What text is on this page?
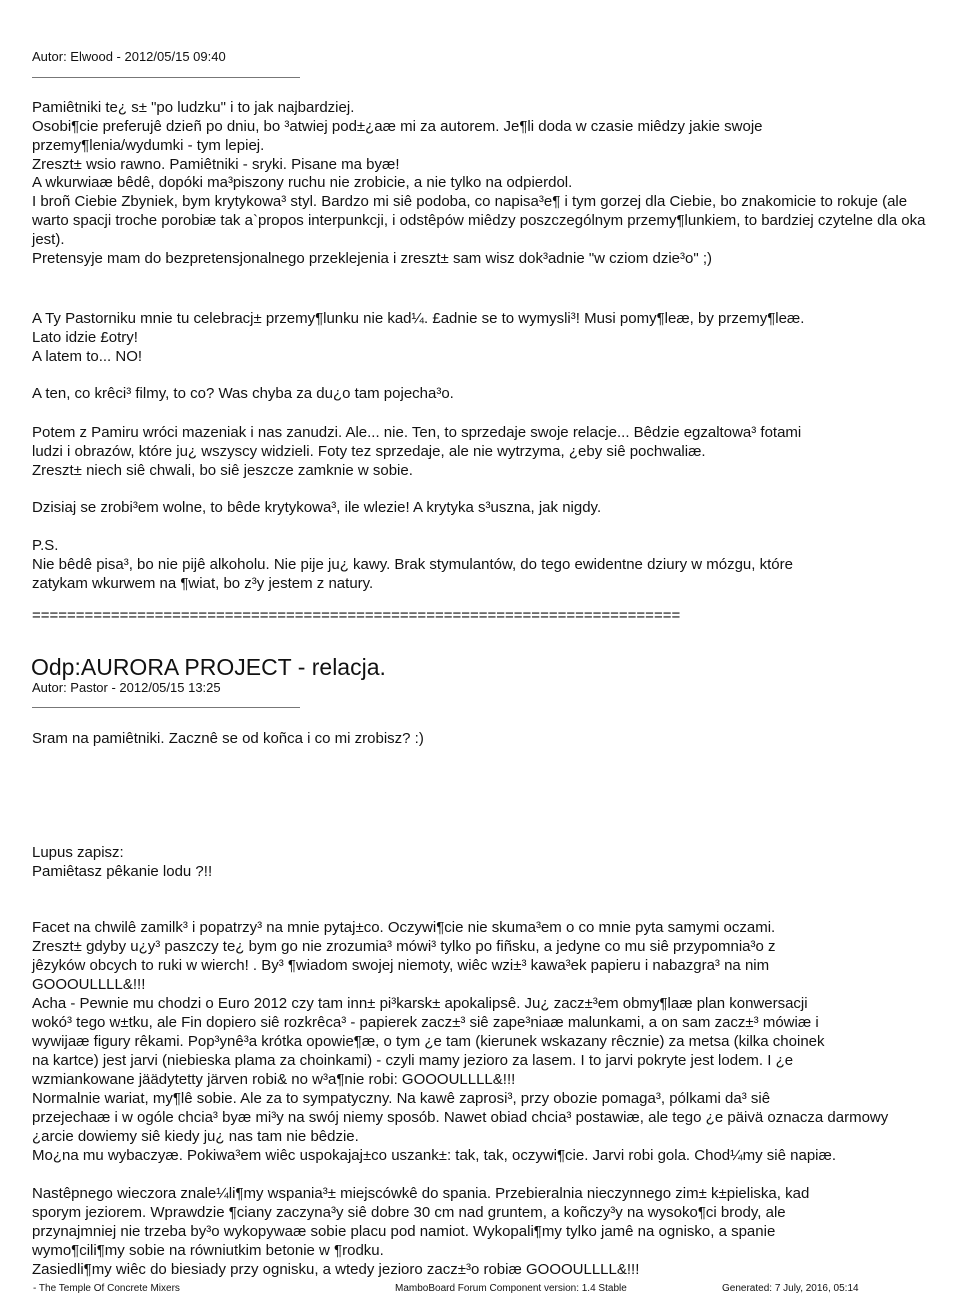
Autor: Elwood - 2012/05/15 09:40
Pamiêtniki te¿ s± "po ludzku" i to jak najbardziej.
Osobi¶cie preferujê dzieñ po dniu, bo ³atwiej pod±¿aæ mi za autorem. Je¶li doda w czasie miêdzy jakie swoje
przemy¶lenia/wydumki - tym lepiej.
Zreszt± wsio rawno. Pamiêtniki - sryki. Pisane ma byæ!
A wkurwiaæ bêdê, dopóki ma³piszony ruchu nie zrobicie, a nie tylko na odpierdol.
I broñ Ciebie Zbyniek, bym krytykowa³ styl. Bardzo mi siê podoba, co napisa³e¶ i tym gorzej dla Ciebie, bo znakomicie to rokuje (ale warto spacji troche porobiæ tak a`propos interpunkcji, i odstêpów miêdzy poszczególnym przemy¶lunkiem, to bardziej czytelne dla oka jest).
Pretensyje mam do bezpretensjonalnego przeklejenia i zreszt± sam wisz dok³adnie "w cziom dzie³o" ;)
A Ty Pastorniku mnie tu celebracj± przemy¶lunku nie kad¼. £adnie se to wymysli³! Musi pomy¶leæ, by przemy¶leæ.
Lato idzie £otry!
A latem to... NO!
A ten, co krêci³ filmy, to co? Was chyba za du¿o tam pojecha³o.
Potem z Pamiru wróci mazeniak i nas zanudzi. Ale... nie. Ten, to sprzedaje swoje relacje... Bêdzie egzaltowa³ fotami
ludzi i obrazów, które ju¿ wszyscy widzieli. Foty tez sprzedaje, ale nie wytrzyma, ¿eby siê pochwaliæ.
Zreszt± niech siê chwali, bo siê jeszcze zamknie w sobie.
Dzisiaj se zrobi³em wolne, to bêde krytykowa³, ile wlezie! A krytyka s³uszna, jak nigdy.
P.S.
Nie bêdê pisa³, bo nie pijê alkoholu. Nie pije ju¿ kawy. Brak stymulantów, do tego ewidentne dziury w mózgu, które
zatykam wkurwem na ¶wiat, bo z³y jestem z natury.
==========================================================================
Odp:AURORA PROJECT - relacja.
Autor: Pastor - 2012/05/15 13:25
Sram na pamiêtniki. Zacznê se od koñca i co mi zrobisz? :)
Lupus zapisz:
Pamiêtasz pêkanie lodu ?!!
Facet na chwilê zamilk³ i popatrzy³ na mnie pytaj±co. Oczywi¶cie nie skuma³em o co mnie pyta samymi oczami.
Zreszt± gdyby u¿y³ paszczy te¿ bym go nie zrozumia³ mówi³ tylko po fiñsku, a jedyne co mu siê przypomnia³o z
jêzyków obcych to ruki w wierch! . By³ ¶wiadom swojej niemoty, wiêc wzi±³ kawa³ek papieru i nabazgra³ na nim
GOOOULLLL&!!!
Acha - Pewnie mu chodzi o Euro 2012 czy tam inn± pi³karsk± apokalipsê. Ju¿ zacz±³em obmy¶laæ plan konwersacji
wokó³ tego w±tku, ale Fin dopiero siê rozkrêca³ - papierek zacz±³ siê zape³niaæ malunkami, a on sam zacz±³ mówiæ i
wywijaæ figury rêkami. Pop³ynê³a krótka opowie¶æ, o tym ¿e tam (kierunek wskazany rêcznie) za metsa (kilka choinek
na kartce) jest jarvi (niebieska plama za choinkami) - czyli mamy jezioro za lasem. I to jarvi pokryte jest lodem. I ¿e
wzmiankowane jäädytetty järven robi& no w³a¶nie robi: GOOOULLLL&!!!
Normalnie wariat, my¶lê sobie. Ale za to sympatyczny. Na kawê zaprosi³, przy obozie pomaga³, pólkami da³ siê
przejechaæ i w ogóle chcia³ byæ mi³y na swój niemy sposób. Nawet obiad chcia³ postawiæ, ale tego ¿e päivä oznacza darmowy
¿arcie dowiemy siê kiedy ju¿ nas tam nie bêdzie.
Mo¿na mu wybaczyæ. Pokiwa³em wiêc uspokajaj±co uszank±: tak, tak, oczywi¶cie. Jarvi robi gola. Chod¼my siê napiæ.
Nastêpnego wieczora znale¼li¶my wspania³± miejscówkê do spania. Przebieralnia nieczynnego zim± k±pieliska, kad
sporym jeziorem. Wprawdzie ¶ciany zaczyna³y siê dobre 30 cm nad gruntem, a koñczy³y na wysoko¶ci brody, ale
przynajmniej nie trzeba by³o wykopywaæ sobie placu pod namiot. Wykopali¶my tylko jamê na ognisko, a spanie
wymo¶cili¶my sobie na równiutkim betonie w ¶rodku.
Zasiedli¶my wiêc do biesiady przy ognisku, a wtedy jezioro zacz±³o robiæ GOOOULLLL&!!!
- The Temple Of Concrete Mixers	MamboBoard Forum Component version: 1.4 Stable	Generated: 7 July, 2016, 05:14
